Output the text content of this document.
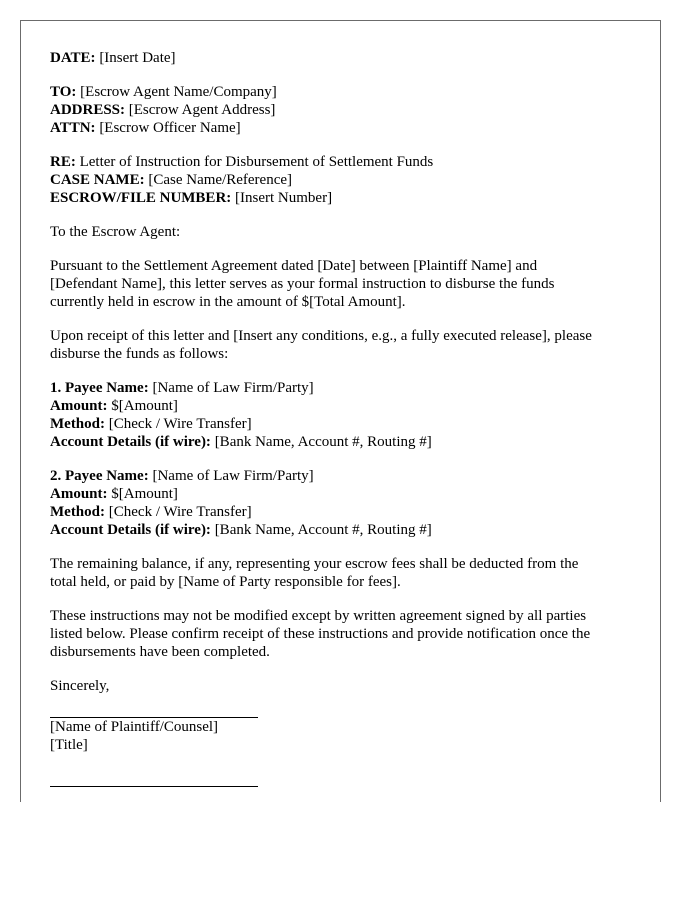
DATE: [Insert Date]
TO: [Escrow Agent Name/Company]
ADDRESS: [Escrow Agent Address]
ATTN: [Escrow Officer Name]
RE: Letter of Instruction for Disbursement of Settlement Funds
CASE NAME: [Case Name/Reference]
ESCROW/FILE NUMBER: [Insert Number]
To the Escrow Agent:
Pursuant to the Settlement Agreement dated [Date] between [Plaintiff Name] and
[Defendant Name], this letter serves as your formal instruction to disburse the funds
currently held in escrow in the amount of $[Total Amount].
Upon receipt of this letter and [Insert any conditions, e.g., a fully executed release], please
disburse the funds as follows:
1. Payee Name: [Name of Law Firm/Party]
Amount: $[Amount]
Method: [Check / Wire Transfer]
Account Details (if wire): [Bank Name, Account #, Routing #]
2. Payee Name: [Name of Law Firm/Party]
Amount: $[Amount]
Method: [Check / Wire Transfer]
Account Details (if wire): [Bank Name, Account #, Routing #]
The remaining balance, if any, representing your escrow fees shall be deducted from the
total held, or paid by [Name of Party responsible for fees].
These instructions may not be modified except by written agreement signed by all parties
listed below. Please confirm receipt of these instructions and provide notification once the
disbursements have been completed.
Sincerely,
[Name of Plaintiff/Counsel]
[Title]
